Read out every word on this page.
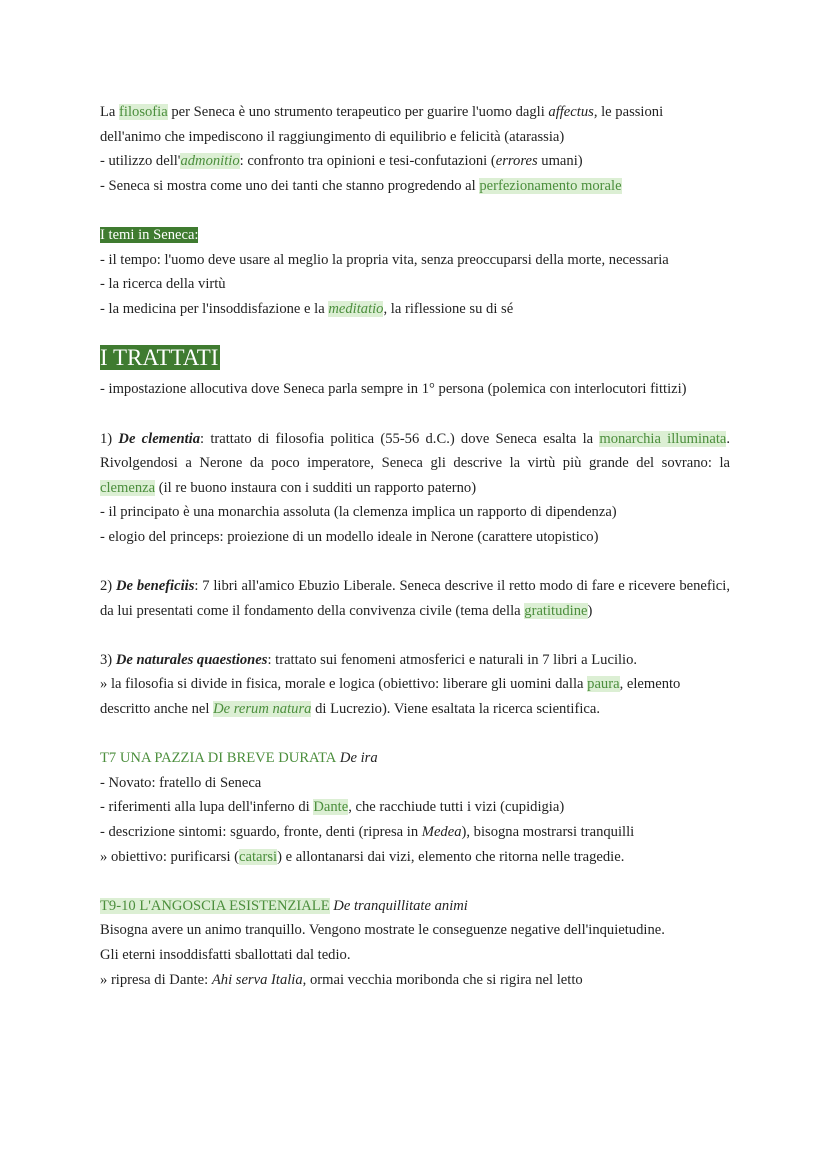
La filosofia per Seneca è uno strumento terapeutico per guarire l'uomo dagli affectus, le passioni

dell'animo che impediscono il raggiungimento di equilibrio e felicità (atarassia)

- utilizzo dell'admonitio: confronto tra opinioni e tesi-confutazioni (errores umani)

- Seneca si mostra come uno dei tanti che stanno progredendo al perfezionamento morale

I temi in Seneca:

- il tempo: l'uomo deve usare al meglio la propria vita, senza preoccuparsi della morte, necessaria

- la ricerca della virtù

- la medicina per l'insoddisfazione e la meditatio, la riflessione su di sé

I TRATTATI

- impostazione allocutiva dove Seneca parla sempre in 1° persona (polemica con interlocutori fittizi)

1) De clementia: trattato di filosofia politica (55-56 d.C.) dove Seneca esalta la monarchia illuminata. Rivolgendosi a Nerone da poco imperatore, Seneca gli descrive la virtù più grande del sovrano: la clemenza (il re buono instaura con i sudditi un rapporto paterno)

- il principato è una monarchia assoluta (la clemenza implica un rapporto di dipendenza)

- elogio del princeps: proiezione di un modello ideale in Nerone (carattere utopistico)

2) De beneficiis: 7 libri all'amico Ebuzio Liberale. Seneca descrive il retto modo di fare e ricevere benefici, da lui presentati come il fondamento della convivenza civile (tema della gratitudine)

3) De naturales quaestiones: trattato sui fenomeni atmosferici e naturali in 7 libri a Lucilio.

» la filosofia si divide in fisica, morale e logica (obiettivo: liberare gli uomini dalla paura, elemento

descritto anche nel De rerum natura di Lucrezio). Viene esaltata la ricerca scientifica.

T7 UNA PAZZIA DI BREVE DURATA De ira

- Novato: fratello di Seneca

- riferimenti alla lupa dell'inferno di Dante, che racchiude tutti i vizi (cupidigia)

- descrizione sintomi: sguardo, fronte, denti (ripresa in Medea), bisogna mostrarsi tranquilli

» obiettivo: purificarsi (catarsi) e allontanarsi dai vizi, elemento che ritorna nelle tragedie.

T9-10 L'ANGOSCIA ESISTENZIALE De tranquillitate animi

Bisogna avere un animo tranquillo. Vengono mostrate le conseguenze negative dell'inquietudine.

Gli eterni insoddisfatti sballottati dal tedio.

» ripresa di Dante: Ahi serva Italia, ormai vecchia moribonda che si rigira nel letto
